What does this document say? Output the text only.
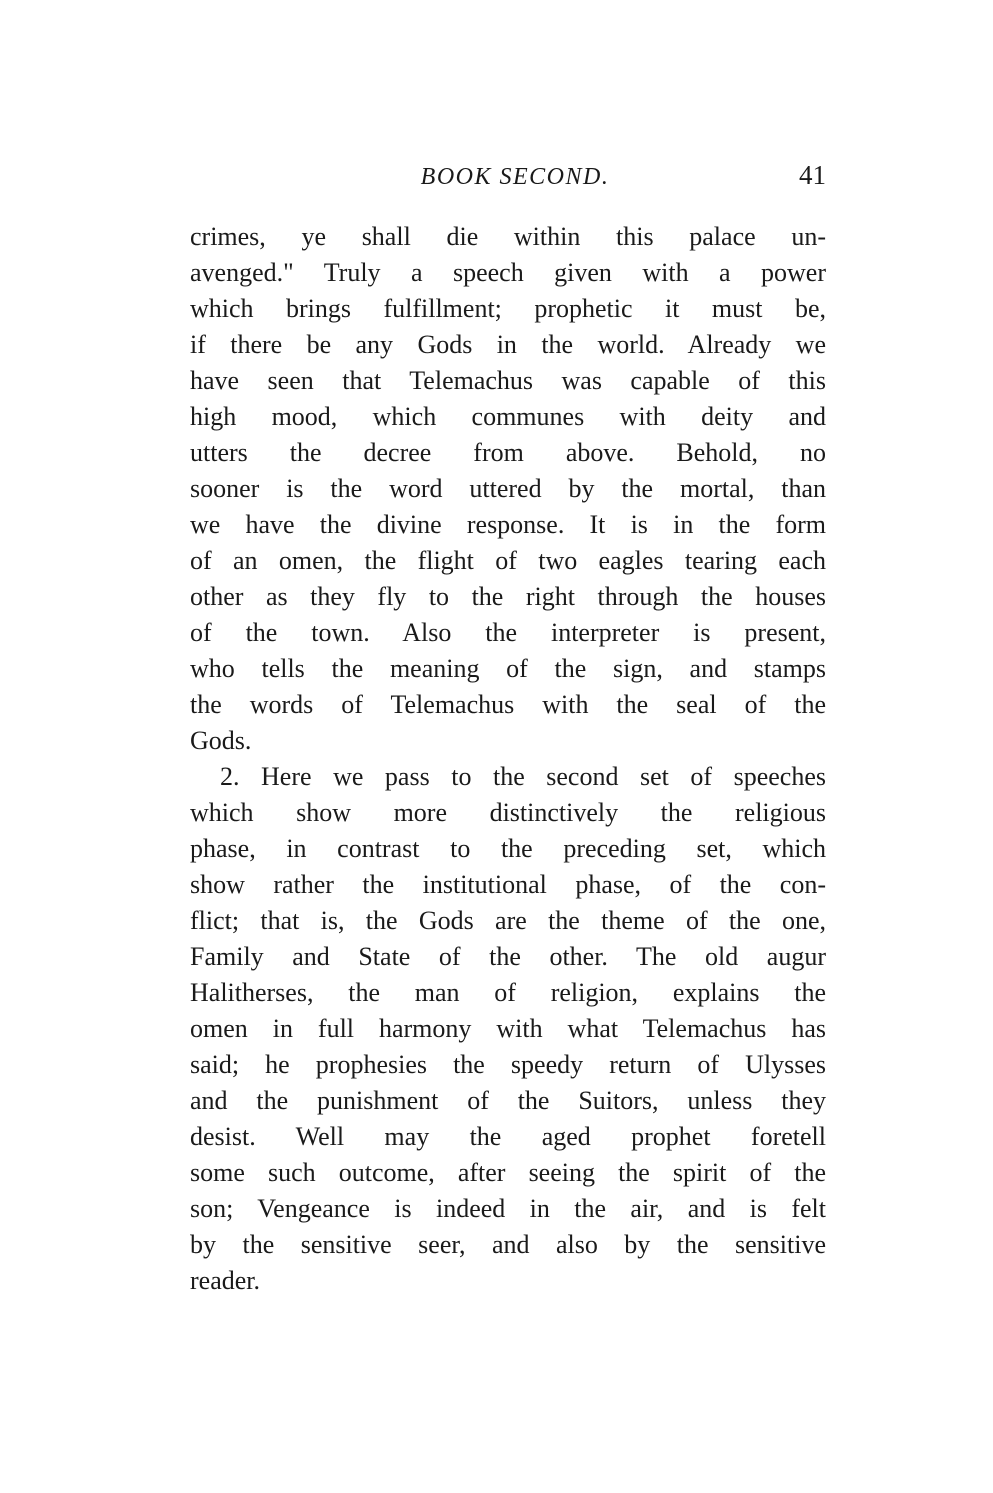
BOOK SECOND.	41
crimes, ye shall die within this palace un-
avenged." Truly a speech given with a power
which brings fulfillment; prophetic it must be,
if there be any Gods in the world. Already we
have seen that Telemachus was capable of this
high mood, which communes with deity and
utters the decree from above. Behold, no
sooner is the word uttered by the mortal, than
we have the divine response. It is in the form
of an omen, the flight of two eagles tearing each
other as they fly to the right through the houses
of the town. Also the interpreter is present,
who tells the meaning of the sign, and stamps
the words of Telemachus with the seal of the
Gods.
2. Here we pass to the second set of speeches
which show more distinctively the religious
phase, in contrast to the preceding set, which
show rather the institutional phase, of the con-
flict; that is, the Gods are the theme of the one,
Family and State of the other. The old augur
Halitherses, the man of religion, explains the
omen in full harmony with what Telemachus has
said; he prophesies the speedy return of Ulysses
and the punishment of the Suitors, unless they
desist. Well may the aged prophet foretell
some such outcome, after seeing the spirit of the
son; Vengeance is indeed in the air, and is felt
by the sensitive seer, and also by the sensitive
reader.
